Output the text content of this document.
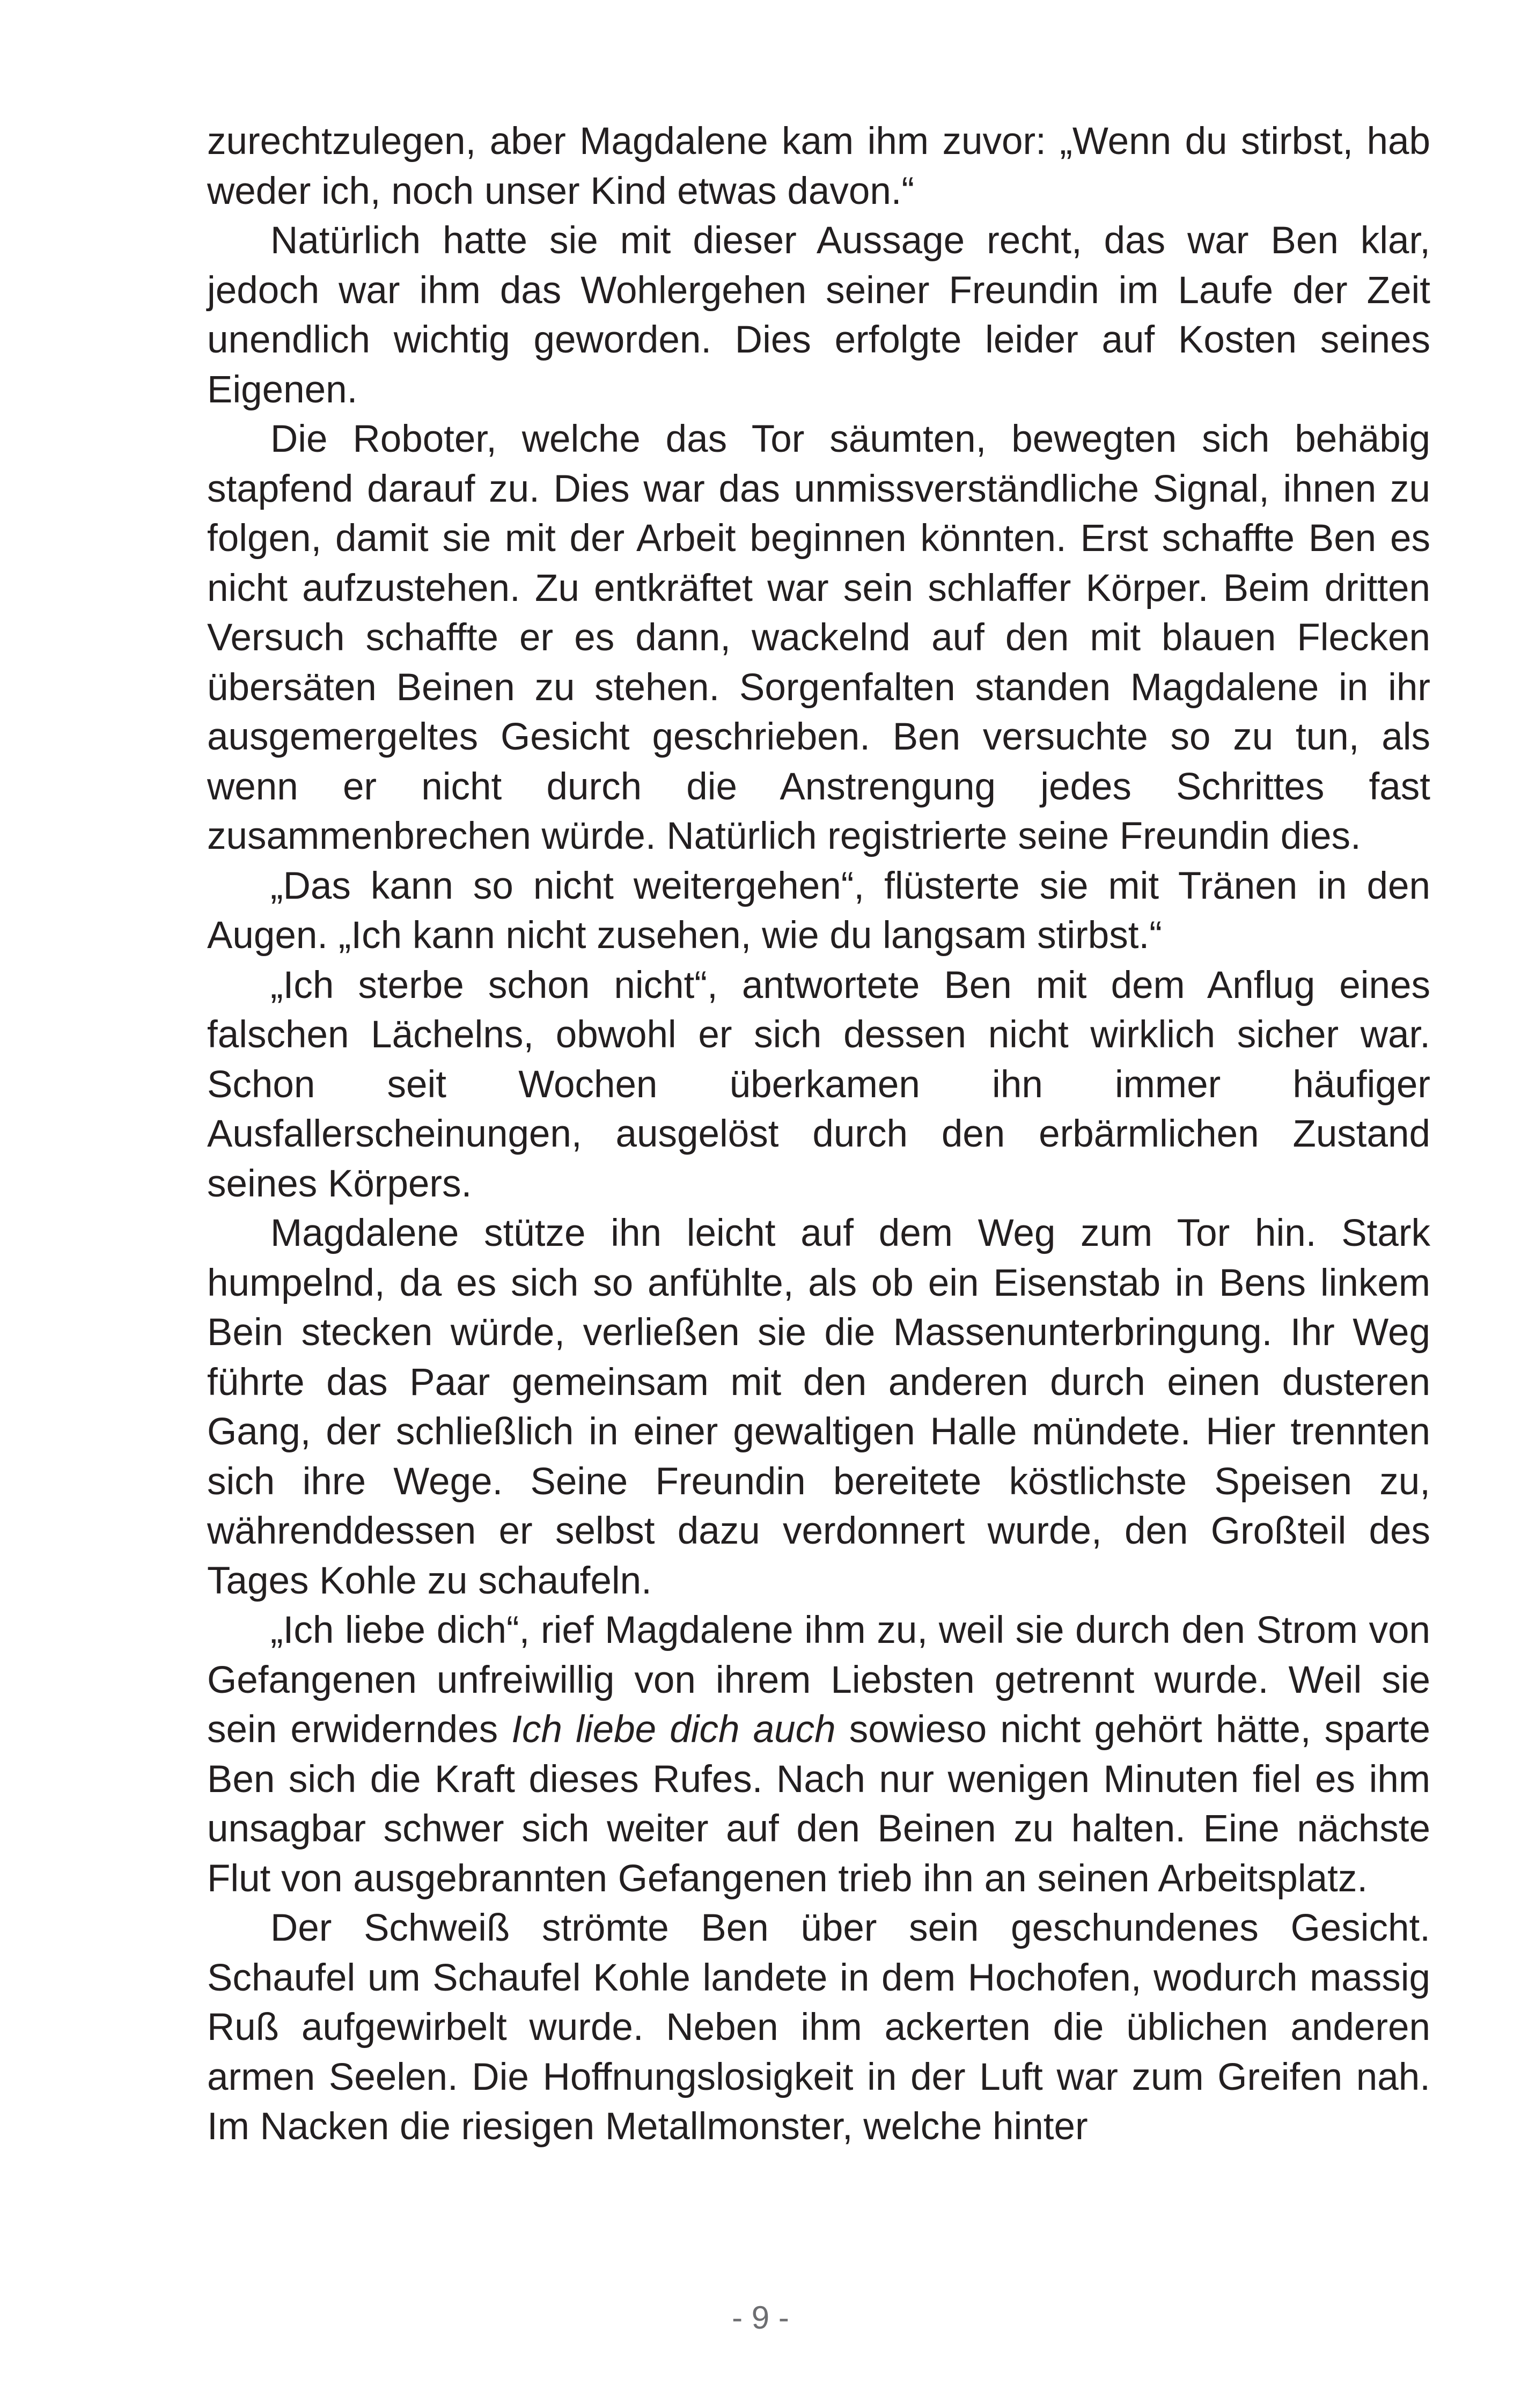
zurechtzulegen, aber Magdalene kam ihm zuvor: „Wenn du stirbst, hab weder ich, noch unser Kind etwas davon.“

Natürlich hatte sie mit dieser Aussage recht, das war Ben klar, jedoch war ihm das Wohlergehen seiner Freundin im Laufe der Zeit unendlich wichtig geworden. Dies erfolgte leider auf Kosten seines Eigenen.

Die Roboter, welche das Tor säumten, bewegten sich behäbig stapfend darauf zu. Dies war das unmissverständliche Signal, ihnen zu folgen, damit sie mit der Arbeit beginnen könnten. Erst schaffte Ben es nicht aufzustehen. Zu entkräftet war sein schlaffer Körper. Beim dritten Versuch schaffte er es dann, wackelnd auf den mit blauen Flecken übersäten Beinen zu stehen. Sorgenfalten standen Magdalene in ihr ausgemergeltes Gesicht geschrieben. Ben versuchte so zu tun, als wenn er nicht durch die Anstrengung jedes Schrittes fast zusammenbrechen würde. Natürlich registrierte seine Freundin dies.

„Das kann so nicht weitergehen“, flüsterte sie mit Tränen in den Augen. „Ich kann nicht zusehen, wie du langsam stirbst.“

„Ich sterbe schon nicht“, antwortete Ben mit dem Anflug eines falschen Lächelns, obwohl er sich dessen nicht wirklich sicher war. Schon seit Wochen überkamen ihn immer häufiger Ausfallerscheinungen, ausgelöst durch den erbärmlichen Zustand seines Körpers.

Magdalene stütze ihn leicht auf dem Weg zum Tor hin. Stark humpelnd, da es sich so anfühlte, als ob ein Eisenstab in Bens linkem Bein stecken würde, verließen sie die Massenunterbringung. Ihr Weg führte das Paar gemeinsam mit den anderen durch einen dusteren Gang, der schließlich in einer gewaltigen Halle mündete. Hier trennten sich ihre Wege. Seine Freundin bereitete köstlichste Speisen zu, währenddessen er selbst dazu verdonnert wurde, den Großteil des Tages Kohle zu schaufeln.

„Ich liebe dich“, rief Magdalene ihm zu, weil sie durch den Strom von Gefangenen unfreiwillig von ihrem Liebsten getrennt wurde. Weil sie sein erwiderndes Ich liebe dich auch sowieso nicht gehört hätte, sparte Ben sich die Kraft dieses Rufes. Nach nur wenigen Minuten fiel es ihm unsagbar schwer sich weiter auf den Beinen zu halten. Eine nächste Flut von ausgebrannten Gefangenen trieb ihn an seinen Arbeitsplatz.

Der Schweiß strömte Ben über sein geschundenes Gesicht. Schaufel um Schaufel Kohle landete in dem Hochofen, wodurch massig Ruß aufgewirbelt wurde. Neben ihm ackerten die üblichen anderen armen Seelen. Die Hoffnungslosigkeit in der Luft war zum Greifen nah. Im Nacken die riesigen Metallmonster, welche hinter

- 9 -
